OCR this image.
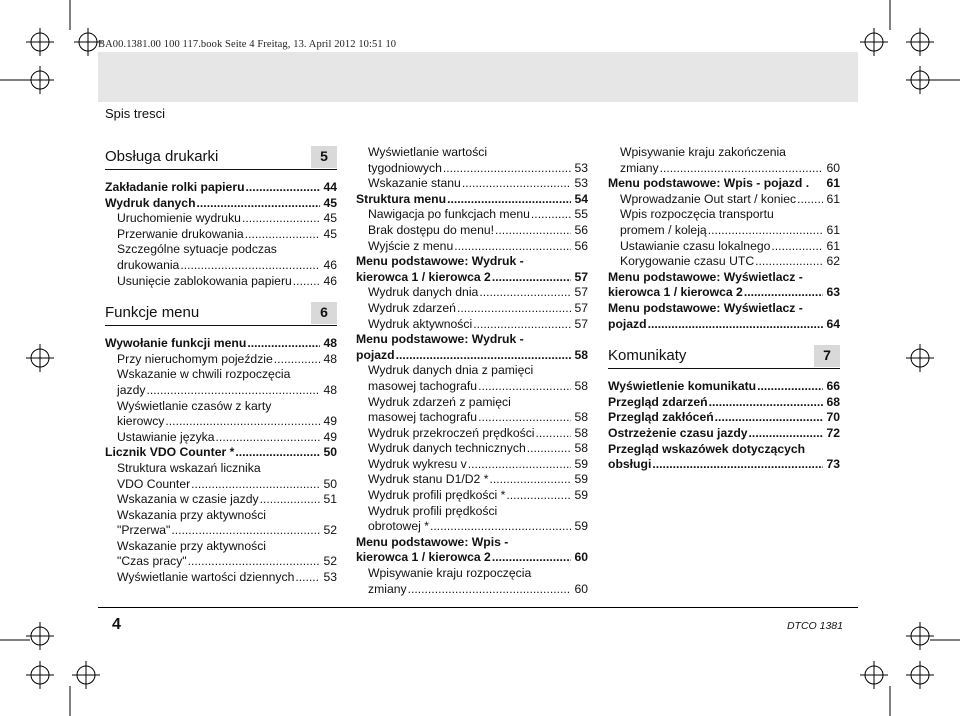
BA00.1381.00 100 117.book Seite 4 Freitag, 13. April 2012 10:51 10
Spis tresci
Obsługa drukarki	5
Zakładanie rolki papieru .....	44
Wydruk danych .....	45
Uruchomienie wydruku .....	45
Przerwanie drukowania .....	45
Szczególne sytuacje podczas
drukowania .....	46
Usunięcie zablokowania papieru .....	46
Funkcje menu	6
Wywołanie funkcji menu .....	48
Przy nieruchomym pojeździe .....	48
Wskazanie w chwili rozpoczęcia
jazdy .....	48
Wyświetlanie czasów z karty
kierowcy .....	49
Ustawianie języka .....	49
Licznik VDO Counter * .....	50
Struktura wskazań licznika
VDO Counter .....	50
Wskazania w czasie jazdy .....	51
Wskazania przy aktywności
"Przerwa" .....	52
Wskazanie przy aktywności
"Czas pracy" .....	52
Wyświetlanie wartości dziennych ..... 53
Wyświetlanie wartości
tygodniowych .....	53
Wskazanie stanu .....	53
Struktura menu .....	54
Nawigacja po funkcjach menu .....	55
Brak dostępu do menu! .....	56
Wyjście z menu .....	56
Menu podstawowe: Wydruk -
kierowca 1 / kierowca 2 .....	57
Wydruk danych dnia .....	57
Wydruk zdarzeń .....	57
Wydruk aktywności .....	57
Menu podstawowe: Wydruk -
pojazd .....	58
Wydruk danych dnia z pamięci
masowej tachografu .....	58
Wydruk zdarzeń z pamięci
masowej tachografu .....	58
Wydruk przekroczeń prędkości .....	58
Wydruk danych technicznych .....	58
Wydruk wykresu v .....	59
Wydruk stanu D1/D2 * .....	59
Wydruk profili prędkości * .....	59
Wydruk profili prędkości
obrotowej * .....	59
Menu podstawowe: Wpis -
kierowca 1 / kierowca 2 .....	60
Wpisywanie kraju rozpoczęcia
zmiany .....	60
Wpisywanie kraju zakończenia
zmiany .....	60
Menu podstawowe: Wpis - pojazd . 61
Wprowadzanie Out start / koniec ..... 61
Wpis rozpoczęcia transportu
promem / koleją .....	61
Ustawianie czasu lokalnego .....	61
Korygowanie czasu UTC .....	62
Menu podstawowe: Wyświetlacz -
kierowca 1 / kierowca 2 .....	63
Menu podstawowe: Wyświetlacz -
pojazd .....	64
Komunikaty	7
Wyświetlenie komunikatu .....	66
Przegląd zdarzeń .....	68
Przegląd zakłóceń .....	70
Ostrzeżenie czasu jazdy .....	72
Przegląd wskazówek dotyczących
obsługi .....	73
4	DTCO 1381
